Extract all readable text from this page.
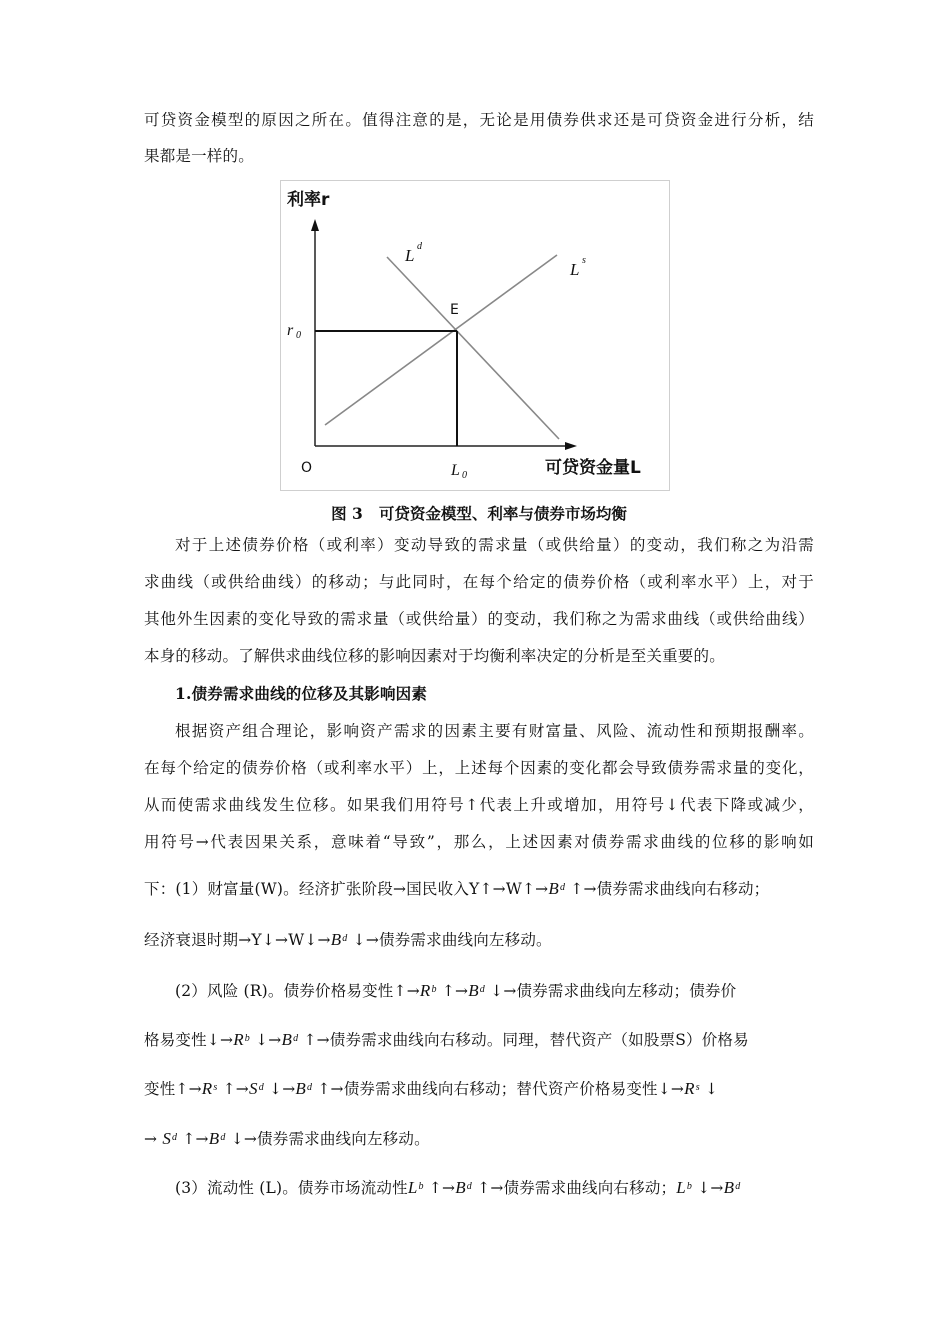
可贷资金模型的原因之所在。值得注意的是，无论是用债券供求还是可贷资金进行分析，结
果都是一样的。
利率r
可贷资金量L
O
L d
L s
E
r 0
L 0
图 3   可贷资金模型、利率与债券市场均衡
对于上述债券价格（或利率）变动导致的需求量（或供给量）的变动，我们称之为沿需
求曲线（或供给曲线）的移动；与此同时，在每个给定的债券价格（或利率水平）上，对于
其他外生因素的变化导致的需求量（或供给量）的变动，我们称之为需求曲线（或供给曲线）
本身的移动。了解供求曲线位移的影响因素对于均衡利率决定的分析是至关重要的。
1.债券需求曲线的位移及其影响因素
根据资产组合理论，影响资产需求的因素主要有财富量、风险、流动性和预期报酬率。
在每个给定的债券价格（或利率水平）上，上述每个因素的变化都会导致债券需求量的变化，
从而使需求曲线发生位移。如果我们用符号↑代表上升或增加，用符号↓代表下降或减少，
用符号→代表因果关系，意味着“导致”，那么，上述因素对债券需求曲线的位移的影响如
下：(1）财富量(W)。经济扩张阶段→国民收入$Y↑\to W↑\to B^d$ ↑→债券需求曲线向右移动；
经济衰退时期$\to Y↓\to W↓\to B^d$ ↓→债券需求曲线向左移动。
(2）风险 (R)。债券价格易变性$↑\to R^b$ $↑\to B^d$ ↓→债券需求曲线向左移动；债券价
格易变性$↓\to R^b$ $↓\to B^d$ ↑→债券需求曲线向右移动。同理，替代资产（如股票S）价格易
变性$↑\to R^s$ $↑\to S^d$ $↓\to B^d$ ↑→债券需求曲线向右移动；替代资产价格易变性$↓\to R^s$ ↓
→ $S^d$ $↑\to B^d$ ↓→债券需求曲线向左移动。
(3）流动性 (L)。债券市场流动性$L^b$ $↑\to B^d$ ↑→债券需求曲线向右移动；$L^b$ $↓\to B^d$
